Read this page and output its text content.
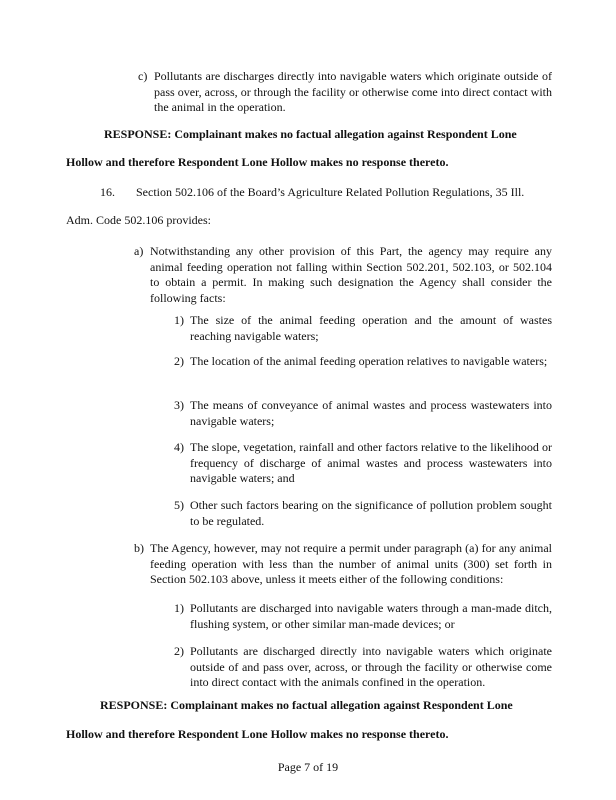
c) Pollutants are discharges directly into navigable waters which originate outside of pass over, across, or through the facility or otherwise come into direct contact with the animal in the operation.
RESPONSE: Complainant makes no factual allegation against Respondent Lone
Hollow and therefore Respondent Lone Hollow makes no response thereto.
16. Section 502.106 of the Board’s Agriculture Related Pollution Regulations, 35 Ill.
Adm. Code 502.106 provides:
a) Notwithstanding any other provision of this Part, the agency may require any animal feeding operation not falling within Section 502.201, 502.103, or 502.104 to obtain a permit. In making such designation the Agency shall consider the following facts:
1) The size of the animal feeding operation and the amount of wastes reaching navigable waters;
2) The location of the animal feeding operation relatives to navigable waters;
3) The means of conveyance of animal wastes and process wastewaters into navigable waters;
4) The slope, vegetation, rainfall and other factors relative to the likelihood or frequency of discharge of animal wastes and process wastewaters into navigable waters; and
5) Other such factors bearing on the significance of pollution problem sought to be regulated.
b) The Agency, however, may not require a permit under paragraph (a) for any animal feeding operation with less than the number of animal units (300) set forth in Section 502.103 above, unless it meets either of the following conditions:
1) Pollutants are discharged into navigable waters through a man-made ditch, flushing system, or other similar man-made devices; or
2) Pollutants are discharged directly into navigable waters which originate outside of and pass over, across, or through the facility or otherwise come into direct contact with the animals confined in the operation.
RESPONSE: Complainant makes no factual allegation against Respondent Lone
Hollow and therefore Respondent Lone Hollow makes no response thereto.
Page 7 of 19
